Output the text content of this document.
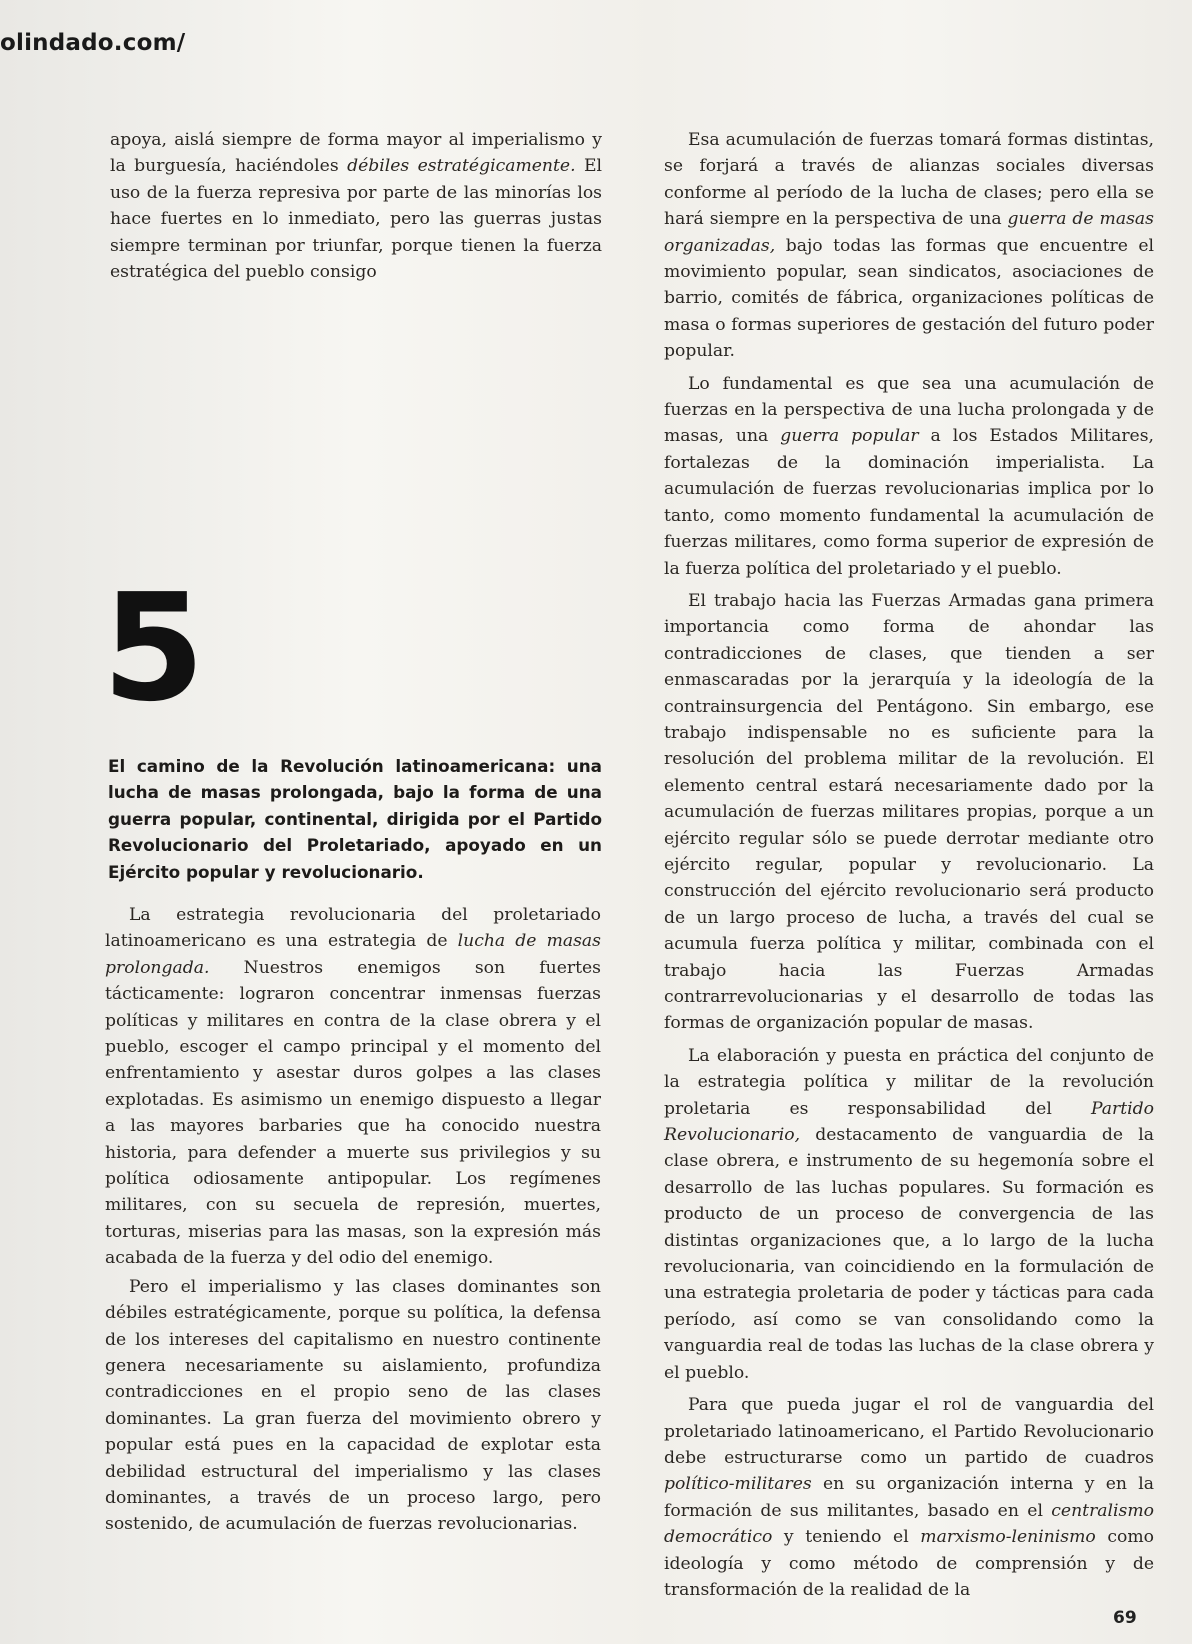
olindado.com/

apoya, aislá siempre de forma mayor al imperialismo y la burguesía, haciéndoles débiles estratégicamente. El uso de la fuerza represiva por parte de las minorías los hace fuertes en lo inmediato, pero las guerras justas siempre terminan por triunfar, porque tienen la fuerza estratégica del pueblo consigo

5
El camino de la Revolución latinoamericana: una lucha de masas prolongada, bajo la forma de una guerra popular, continental, dirigida por el Partido Revolucionario del Proletariado, apoyado en un Ejército popular y revolucionario.

La estrategia revolucionaria del proletariado latinoamericano es una estrategia de lucha de masas prolongada. Nuestros enemigos son fuertes tácticamente: lograron concentrar inmensas fuerzas políticas y militares en contra de la clase obrera y el pueblo, escoger el campo principal y el momento del enfrentamiento y asestar duros golpes a las clases explotadas. Es asimismo un enemigo dispuesto a llegar a las mayores barbaries que ha conocido nuestra historia, para defender a muerte sus privilegios y su política odiosamente antipopular. Los regímenes militares, con su secuela de represión, muertes, torturas, miserias para las masas, son la expresión más acabada de la fuerza y del odio del enemigo.

Pero el imperialismo y las clases dominantes son débiles estratégicamente, porque su política, la defensa de los intereses del capitalismo en nuestro continente genera necesariamente su aislamiento, profundiza contradicciones en el propio seno de las clases dominantes. La gran fuerza del movimiento obrero y popular está pues en la capacidad de explotar esta debilidad estructural del imperialismo y las clases dominantes, a través de un proceso largo, pero sostenido, de acumulación de fuerzas revolucionarias.

Esa acumulación de fuerzas tomará formas distintas, se forjará a través de alianzas sociales diversas conforme al período de la lucha de clases; pero ella se hará siempre en la perspectiva de una guerra de masas organizadas, bajo todas las formas que encuentre el movimiento popular, sean sindicatos, asociaciones de barrio, comités de fábrica, organizaciones políticas de masa o formas superiores de gestación del futuro poder popular.

Lo fundamental es que sea una acumulación de fuerzas en la perspectiva de una lucha prolongada y de masas, una guerra popular a los Estados Militares, fortalezas de la dominación imperialista. La acumulación de fuerzas revolucionarias implica por lo tanto, como momento fundamental la acumulación de fuerzas militares, como forma superior de expresión de la fuerza política del proletariado y el pueblo.

El trabajo hacia las Fuerzas Armadas gana primera importancia como forma de ahondar las contradicciones de clases, que tienden a ser enmascaradas por la jerarquía y la ideología de la contrainsurgencia del Pentágono. Sin embargo, ese trabajo indispensable no es suficiente para la resolución del problema militar de la revolución. El elemento central estará necesariamente dado por la acumulación de fuerzas militares propias, porque a un ejército regular sólo se puede derrotar mediante otro ejército regular, popular y revolucionario. La construcción del ejército revolucionario será producto de un largo proceso de lucha, a través del cual se acumula fuerza política y militar, combinada con el trabajo hacia las Fuerzas Armadas contrarrevolucionarias y el desarrollo de todas las formas de organización popular de masas.

La elaboración y puesta en práctica del conjunto de la estrategia política y militar de la revolución proletaria es responsabilidad del Partido Revolucionario, destacamento de vanguardia de la clase obrera, e instrumento de su hegemonía sobre el desarrollo de las luchas populares. Su formación es producto de un proceso de convergencia de las distintas organizaciones que, a lo largo de la lucha revolucionaria, van coincidiendo en la formulación de una estrategia proletaria de poder y tácticas para cada período, así como se van consolidando como la vanguardia real de todas las luchas de la clase obrera y el pueblo.

Para que pueda jugar el rol de vanguardia del proletariado latinoamericano, el Partido Revolucionario debe estructurarse como un partido de cuadros político-militares en su organización interna y en la formación de sus militantes, basado en el centralismo democrático y teniendo el marxismo-leninismo como ideología y como método de comprensión y de transformación de la realidad de la

69
